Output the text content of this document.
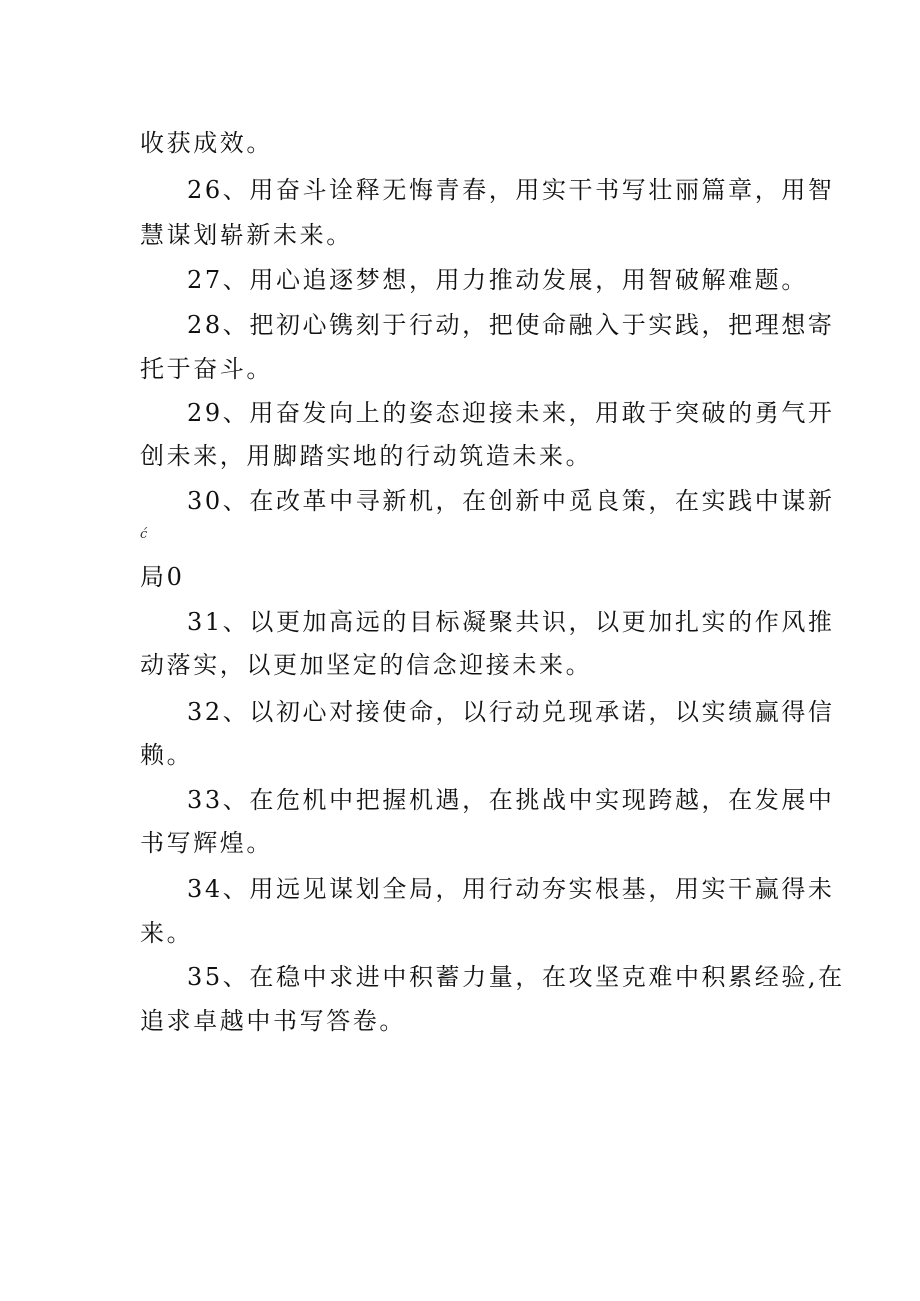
收获成效。
26、用奋斗诠释无悔青春，用实干书写壮丽篇章，用智
慧谋划崭新未来。
27、用心追逐梦想，用力推动发展，用智破解难题。
28、把初心镌刻于行动，把使命融入于实践，把理想寄
托于奋斗。
29、用奋发向上的姿态迎接未来，用敢于突破的勇气开
创未来，用脚踏实地的行动筑造未来。
30、在改革中寻新机，在创新中觅良策，在实践中谋新
ć
局0
31、以更加高远的目标凝聚共识，以更加扎实的作风推
动落实，以更加坚定的信念迎接未来。
32、以初心对接使命，以行动兑现承诺，以实绩赢得信
赖。
33、在危机中把握机遇，在挑战中实现跨越，在发展中
书写辉煌。
34、用远见谋划全局，用行动夯实根基，用实干赢得未
来。
35、在稳中求进中积蓄力量，在攻坚克难中积累经验,在
追求卓越中书写答卷。
